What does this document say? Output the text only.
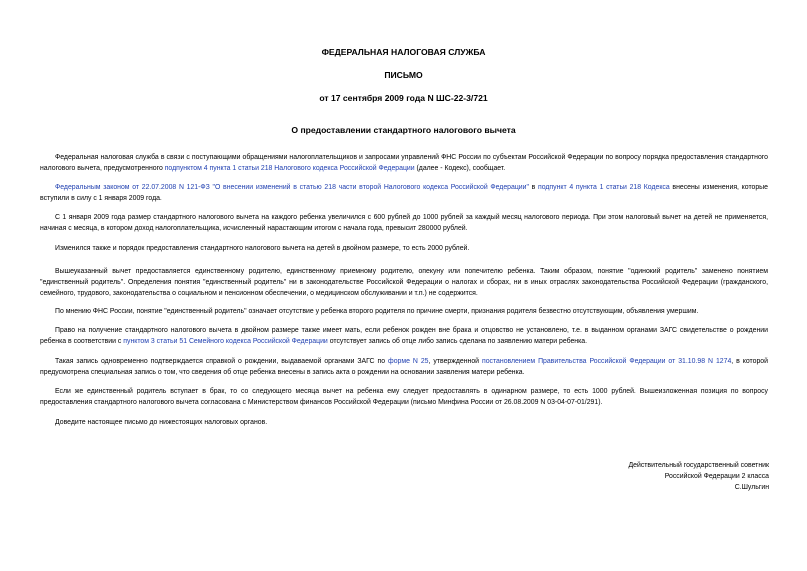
ФЕДЕРАЛЬНАЯ НАЛОГОВАЯ СЛУЖБА
ПИСЬМО
от 17 сентября 2009 года N ШС-22-3/721
О предоставлении стандартного налогового вычета
Федеральная налоговая служба в связи с поступающими обращениями налогоплательщиков и запросами управлений ФНС России по субъектам Российской Федерации по вопросу порядка предоставления стандартного налогового вычета, предусмотренного подпунктом 4 пункта 1 статьи 218 Налогового кодекса Российской Федерации (далее - Кодекс), сообщает.
Федеральным законом от 22.07.2008 N 121-ФЗ "О внесении изменений в статью 218 части второй Налогового кодекса Российской Федерации" в подпункт 4 пункта 1 статьи 218 Кодекса внесены изменения, которые вступили в силу с 1 января 2009 года.
С 1 января 2009 года размер стандартного налогового вычета на каждого ребенка увеличился с 600 рублей до 1000 рублей за каждый месяц налогового периода. При этом налоговый вычет на детей не применяется, начиная с месяца, в котором доход налогоплательщика, исчисленный нарастающим итогом с начала года, превысит 280000 рублей.
Изменился также и порядок предоставления стандартного налогового вычета на детей в двойном размере, то есть 2000 рублей.
Вышеуказанный вычет предоставляется единственному родителю, единственному приемному родителю, опекуну или попечителю ребенка. Таким образом, понятие "одинокий родитель" заменено понятием "единственный родитель". Определения понятия "единственный родитель" ни в законодательстве Российской Федерации о налогах и сборах, ни в иных отраслях законодательства Российской Федерации (гражданского, семейного, трудового, законодательства о социальном и пенсионном обеспечении, о медицинском обслуживании и т.п.) не содержится.
По мнению ФНС России, понятие "единственный родитель" означает отсутствие у ребенка второго родителя по причине смерти, признания родителя безвестно отсутствующим, объявления умершим.
Право на получение стандартного налогового вычета в двойном размере также имеет мать, если ребенок рожден вне брака и отцовство не установлено, т.е. в выданном органами ЗАГС свидетельстве о рождении ребенка в соответствии с пунктом 3 статьи 51 Семейного кодекса Российской Федерации отсутствует запись об отце либо запись сделана по заявлению матери ребенка.
Такая запись одновременно подтверждается справкой о рождении, выдаваемой органами ЗАГС по форме N 25, утвержденной постановлением Правительства Российской Федерации от 31.10.98 N 1274, в которой предусмотрена специальная запись о том, что сведения об отце ребенка внесены в запись акта о рождении на основании заявления матери ребенка.
Если же единственный родитель вступает в брак, то со следующего месяца вычет на ребенка ему следует предоставлять в одинарном размере, то есть 1000 рублей. Вышеизложенная позиция по вопросу предоставления стандартного налогового вычета согласована с Министерством финансов Российской Федерации (письмо Минфина России от 26.08.2009 N 03-04-07-01/291).
Доведите настоящее письмо до нижестоящих налоговых органов.
Действительный государственный советник
Российской Федерации 2 класса
С.Шульгин
